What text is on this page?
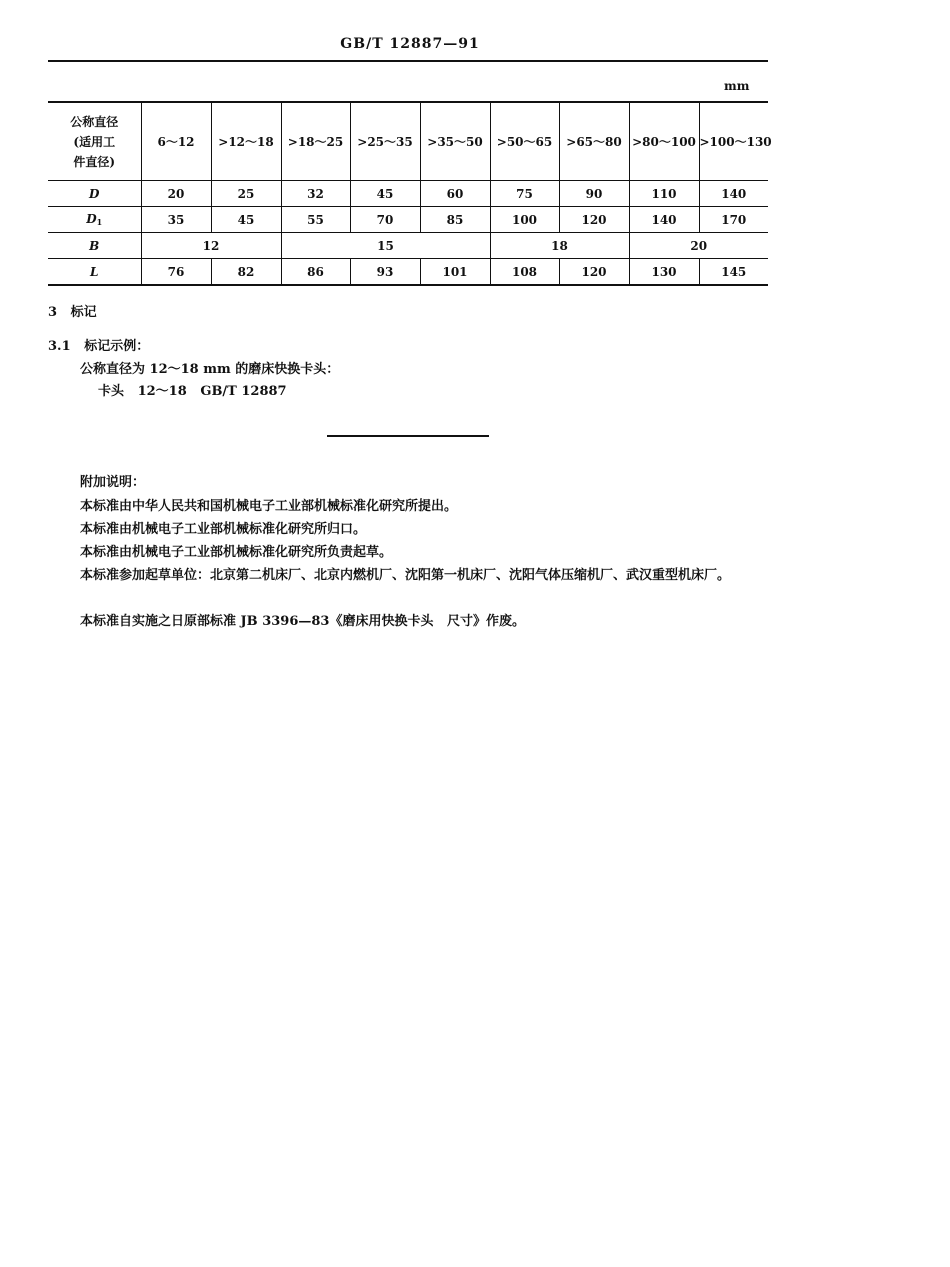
GB/T 12887—91
mm
公称直径
(适用工
件直径)	6～12	>12～18	>18～25	>25～35	>35～50	>50～65	>65～80	>80～100	>100～130
D	20	25	32	45	60	75	90	110	140
$D_1$	35	45	55	70	85	100	120	140	170
B	12		15			18		20	
L	76	82	86	93	101	108	120	130	145
3   标记
3.1   标记示例：
公称直径为 12～18 mm 的磨床快换卡头：
卡头   12～18   GB/T 12887
附加说明：

本标准由中华人民共和国机械电子工业部机械标准化研究所提出。

本标准由机械电子工业部机械标准化研究所归口。

本标准由机械电子工业部机械标准化研究所负责起草。

本标准参加起草单位：北京第二机床厂、北京内燃机厂、沈阳第一机床厂、沈阳气体压缩机厂、武汉重型机床厂。

本标准自实施之日原部标准 JB 3396—83《磨床用快换卡头   尺寸》作废。
